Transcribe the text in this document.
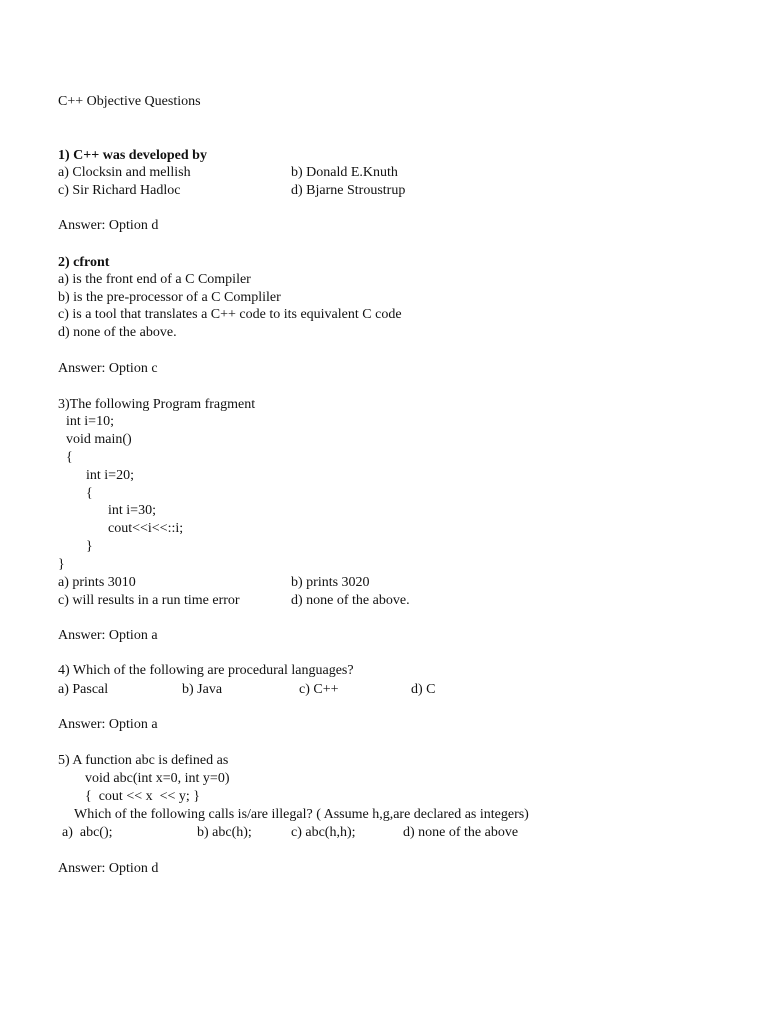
C++ Objective Questions
1) C++ was developed by
a) Clocksin and mellish	b) Donald E.Knuth
c) Sir Richard Hadloc	d) Bjarne Stroustrup
Answer: Option d
2) cfront
a) is the front end of a C Compiler
b) is the pre-processor of a C Compliler
c) is a tool that translates a C++ code to its equivalent C code
d) none of the above.
Answer: Option c
3)The following Program fragment
int i=10;
void main()
{
int i=20;
{
int i=30;
cout<<i<<::i;
}
}
a) prints 3010	b) prints 3020
c) will results in a run time error	d) none of the above.
Answer: Option a
4) Which of the following are procedural languages?
a) Pascal	b) Java	c) C++	d) C
Answer: Option a
5) A function abc is defined as
void abc(int x=0, int y=0)
{  cout << x  << y; }
Which of the following calls is/are illegal? ( Assume h,g,are declared as integers)
a)  abc();	b) abc(h);	c) abc(h,h);	d) none of the above
Answer: Option d
